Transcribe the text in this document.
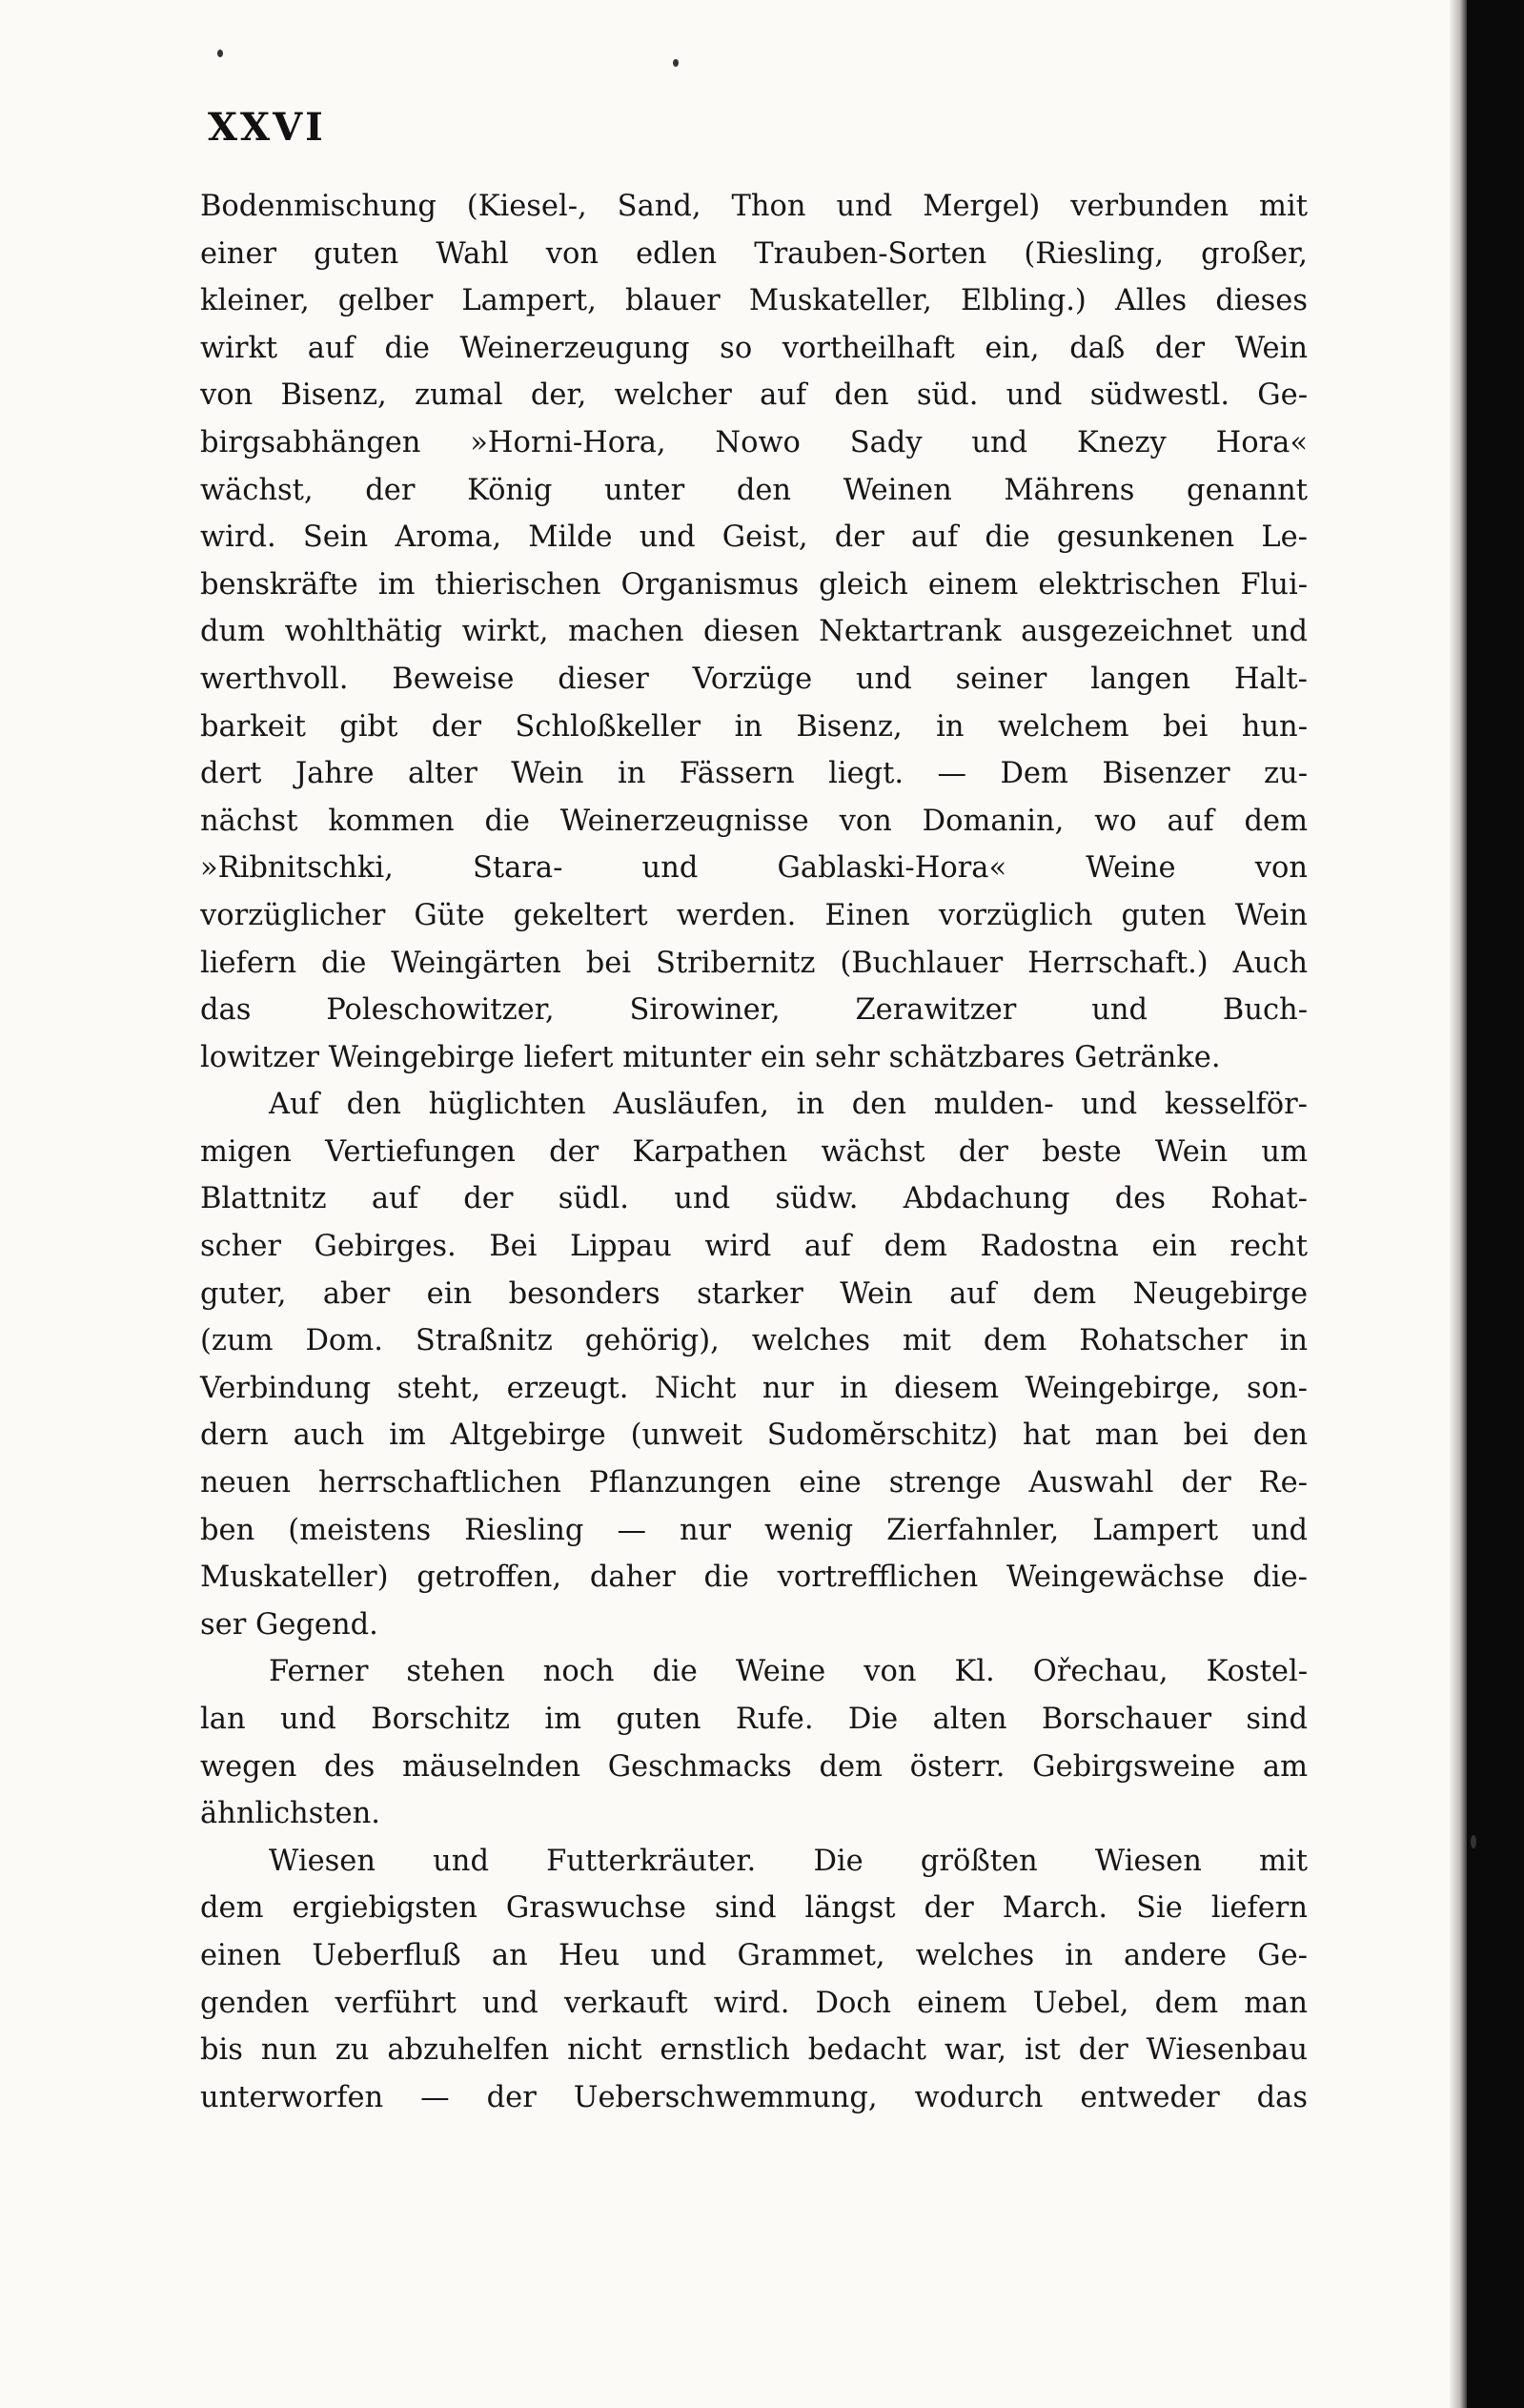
XXVI
Bodenmischung (Kiesel-, Sand, Thon und Mergel) verbunden mit
einer guten Wahl von edlen Trauben-Sorten (Riesling, großer,
kleiner, gelber Lampert, blauer Muskateller, Elbling.) Alles dieses
wirkt auf die Weinerzeugung so vortheilhaft ein, daß der Wein
von Bisenz, zumal der, welcher auf den süd. und südwestl. Ge-
birgsabhängen »Horni-Hora, Nowo Sady und Knezy Hora«
wächst, der König unter den Weinen Mährens genannt
wird. Sein Aroma, Milde und Geist, der auf die gesunkenen Le-
benskräfte im thierischen Organismus gleich einem elektrischen Flui-
dum wohlthätig wirkt, machen diesen Nektartrank ausgezeichnet und
werthvoll. Beweise dieser Vorzüge und seiner langen Halt-
barkeit gibt der Schloßkeller in Bisenz, in welchem bei hun-
dert Jahre alter Wein in Fässern liegt. — Dem Bisenzer zu-
nächst kommen die Weinerzeugnisse von Domanin, wo auf dem
»Ribnitschki, Stara- und Gablaski-Hora« Weine von
vorzüglicher Güte gekeltert werden. Einen vorzüglich guten Wein
liefern die Weingärten bei Stribernitz (Buchlauer Herrschaft.) Auch
das Poleschowitzer, Sirowiner, Zerawitzer und Buch-
lowitzer Weingebirge liefert mitunter ein sehr schätzbares Getränke.
Auf den hüglichten Ausläufen, in den mulden- und kesselför-
migen Vertiefungen der Karpathen wächst der beste Wein um
Blattnitz auf der südl. und südw. Abdachung des Rohat-
scher Gebirges. Bei Lippau wird auf dem Radostna ein recht
guter, aber ein besonders starker Wein auf dem Neugebirge
(zum Dom. Straßnitz gehörig), welches mit dem Rohatscher in
Verbindung steht, erzeugt. Nicht nur in diesem Weingebirge, son-
dern auch im Altgebirge (unweit Sudomĕrschitz) hat man bei den
neuen herrschaftlichen Pflanzungen eine strenge Auswahl der Re-
ben (meistens Riesling — nur wenig Zierfahnler, Lampert und
Muskateller) getroffen, daher die vortrefflichen Weingewächse die-
ser Gegend.
Ferner stehen noch die Weine von Kl. Ořechau, Kostel-
lan und Borschitz im guten Rufe. Die alten Borschauer sind
wegen des mäuselnden Geschmacks dem österr. Gebirgsweine am
ähnlichsten.
Wiesen und Futterkräuter. Die größten Wiesen mit
dem ergiebigsten Graswuchse sind längst der March. Sie liefern
einen Ueberfluß an Heu und Grammet, welches in andere Ge-
genden verführt und verkauft wird. Doch einem Uebel, dem man
bis nun zu abzuhelfen nicht ernstlich bedacht war, ist der Wiesenbau
unterworfen — der Ueberschwemmung, wodurch entweder das
